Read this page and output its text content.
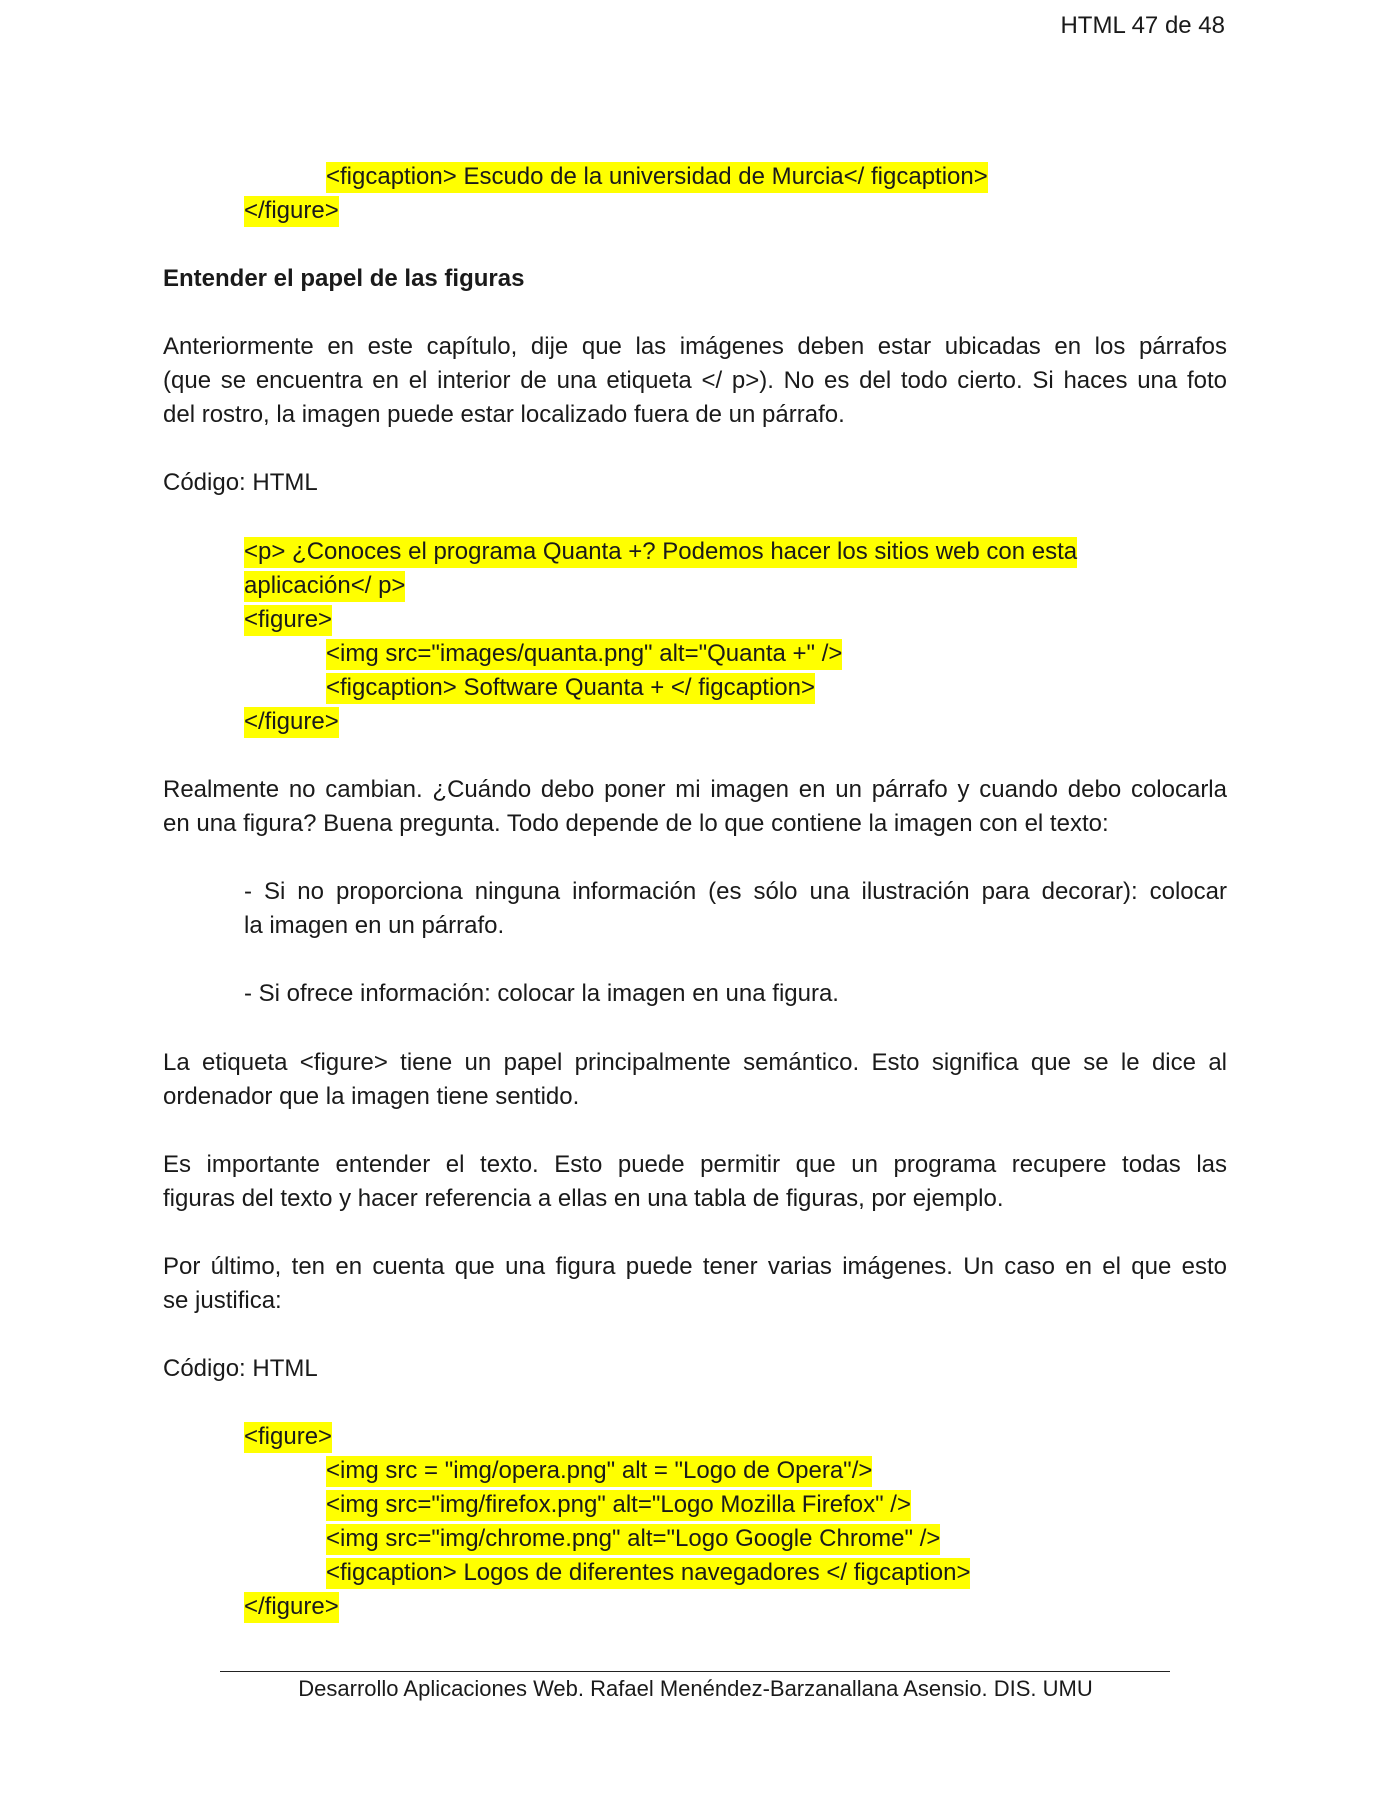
HTML 47 de 48
<figcaption> Escudo de la universidad de Murcia</ figcaption>
</figure>
Entender el papel de las figuras
Anteriormente en este capítulo, dije que las imágenes deben estar ubicadas en los párrafos
(que se encuentra en el interior de una etiqueta </ p>). No es del todo cierto. Si haces una foto
del rostro, la imagen puede estar localizado fuera de un párrafo.
Código: HTML
<p> ¿Conoces el programa Quanta +? Podemos hacer los sitios web con esta
aplicación</ p>
<figure>
<img src="images/quanta.png" alt="Quanta +" />
<figcaption> Software Quanta + </ figcaption>
</figure>
Realmente no cambian. ¿Cuándo debo poner mi imagen en un párrafo y cuando debo colocarla
en una figura? Buena pregunta. Todo depende de lo que contiene la imagen con el texto:
- Si no proporciona ninguna información (es sólo una ilustración para decorar): colocar
la imagen en un párrafo.
- Si ofrece información: colocar la imagen en una figura.
La etiqueta <figure> tiene un papel principalmente semántico. Esto significa que se le dice al
ordenador que la imagen tiene sentido.
Es importante entender el texto. Esto puede permitir que un programa recupere todas las
figuras del texto y hacer referencia a ellas en una tabla de figuras, por ejemplo.
Por último, ten en cuenta que una figura puede tener varias imágenes. Un caso en el que esto
se justifica:
Código: HTML
<figure>
<img src = "img/opera.png" alt = "Logo de Opera"/>
<img src="img/firefox.png" alt="Logo Mozilla Firefox" />
<img src="img/chrome.png" alt="Logo Google Chrome" />
<figcaption> Logos de diferentes navegadores </ figcaption>
</figure>
Desarrollo Aplicaciones Web. Rafael Menéndez-Barzanallana Asensio. DIS. UMU
